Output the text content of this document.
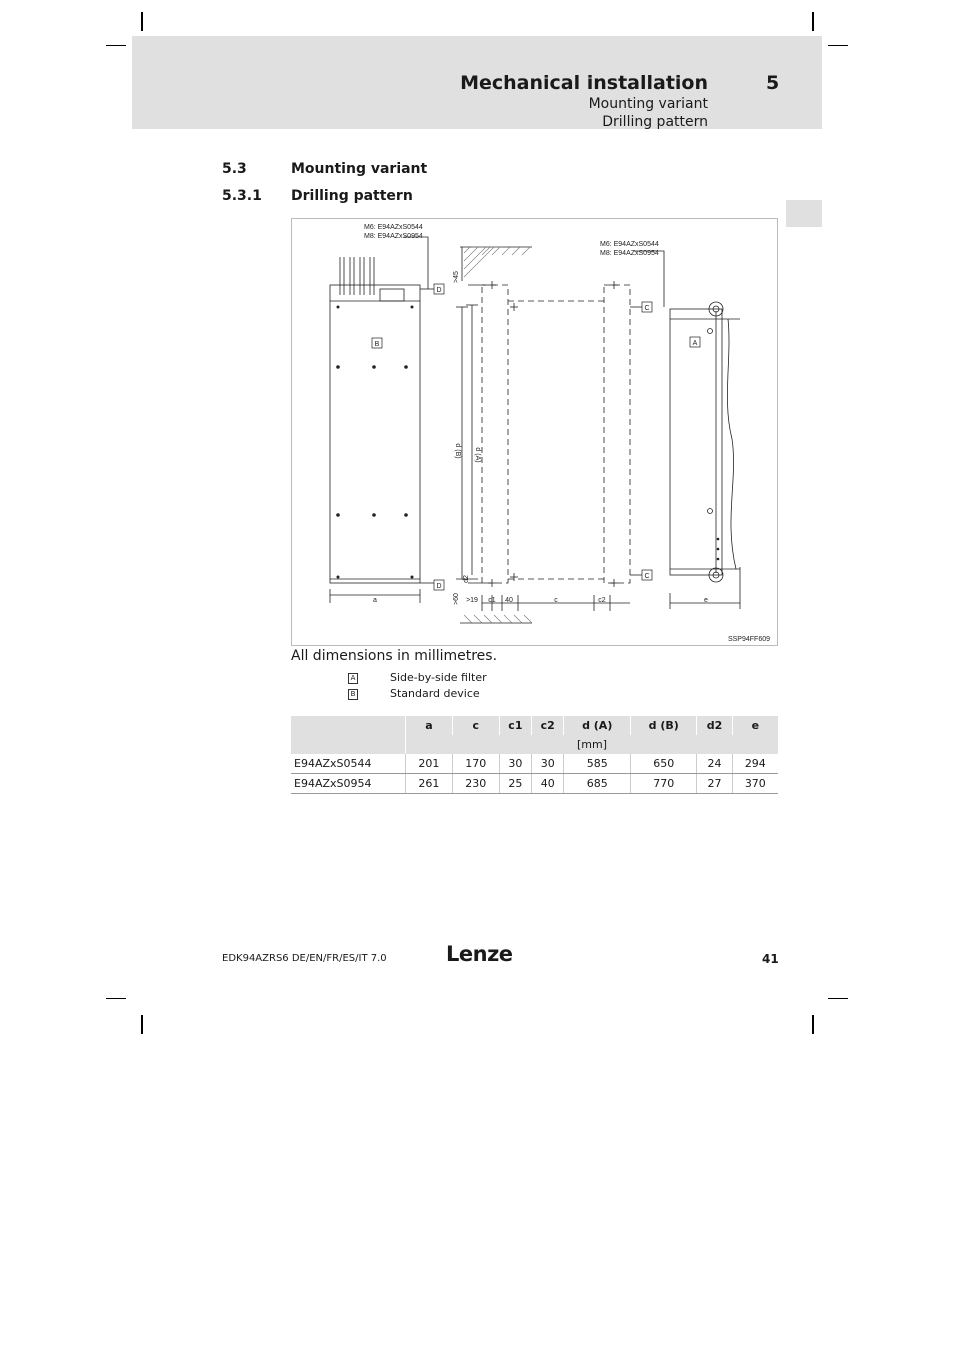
Mechanical installation	5
Mounting variant
Drilling pattern
5.3	Mounting variant
5.3.1 Drilling pattern
B
D
D
C
C
A
M6: E94AZxS0544
M8: E94AZxS0954
M6: E94AZxS0544
M8: E94AZxS0954
a	c
c1	c2
40
>19	e
d (B) d (A)
d2
>45
>60
SSP94FF609
All dimensions in millimetres.
A	Side-by-side filter
B	Standard device
	a	c	c1	c2	d (A)	d (B)	d2	e
	[mm]							
E94AZxS0544	201	170	30	30	585	650	24	294
E94AZxS0954	261	230	25	40	685	770	27	370
EDK94AZRS6 DE/EN/FR/ES/IT 7.0	Lenze	41
